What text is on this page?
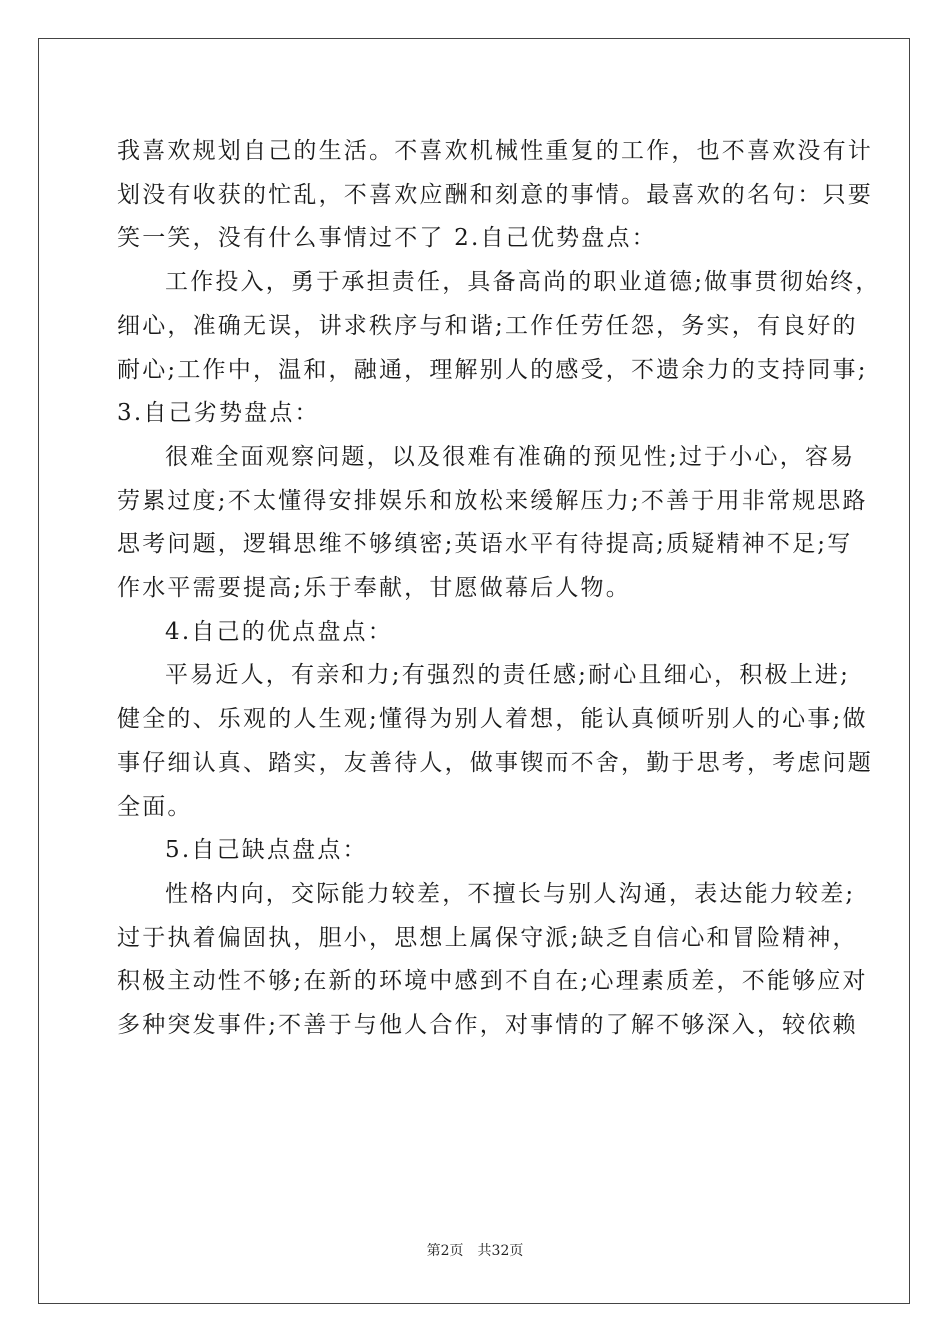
我喜欢规划自己的生活。不喜欢机械性重复的工作，也不喜欢没有计
划没有收获的忙乱，不喜欢应酬和刻意的事情。最喜欢的名句：只要
笑一笑，没有什么事情过不了 2.自己优势盘点：
工作投入，勇于承担责任，具备高尚的职业道德;做事贯彻始终，
细心，准确无误，讲求秩序与和谐;工作任劳任怨，务实，有良好的
耐心;工作中，温和，融通，理解别人的感受，不遗余力的支持同事;
3.自己劣势盘点：
很难全面观察问题，以及很难有准确的预见性;过于小心，容易
劳累过度;不太懂得安排娱乐和放松来缓解压力;不善于用非常规思路
思考问题，逻辑思维不够缜密;英语水平有待提高;质疑精神不足;写
作水平需要提高;乐于奉献，甘愿做幕后人物。
4.自己的优点盘点：
平易近人，有亲和力;有强烈的责任感;耐心且细心，积极上进;
健全的、乐观的人生观;懂得为别人着想，能认真倾听别人的心事;做
事仔细认真、踏实，友善待人，做事锲而不舍，勤于思考，考虑问题
全面。
5.自己缺点盘点：
性格内向，交际能力较差，不擅长与别人沟通，表达能力较差;
过于执着偏固执，胆小，思想上属保守派;缺乏自信心和冒险精神，
积极主动性不够;在新的环境中感到不自在;心理素质差，不能够应对
多种突发事件;不善于与他人合作，对事情的了解不够深入，较依赖
第2页 共32页
